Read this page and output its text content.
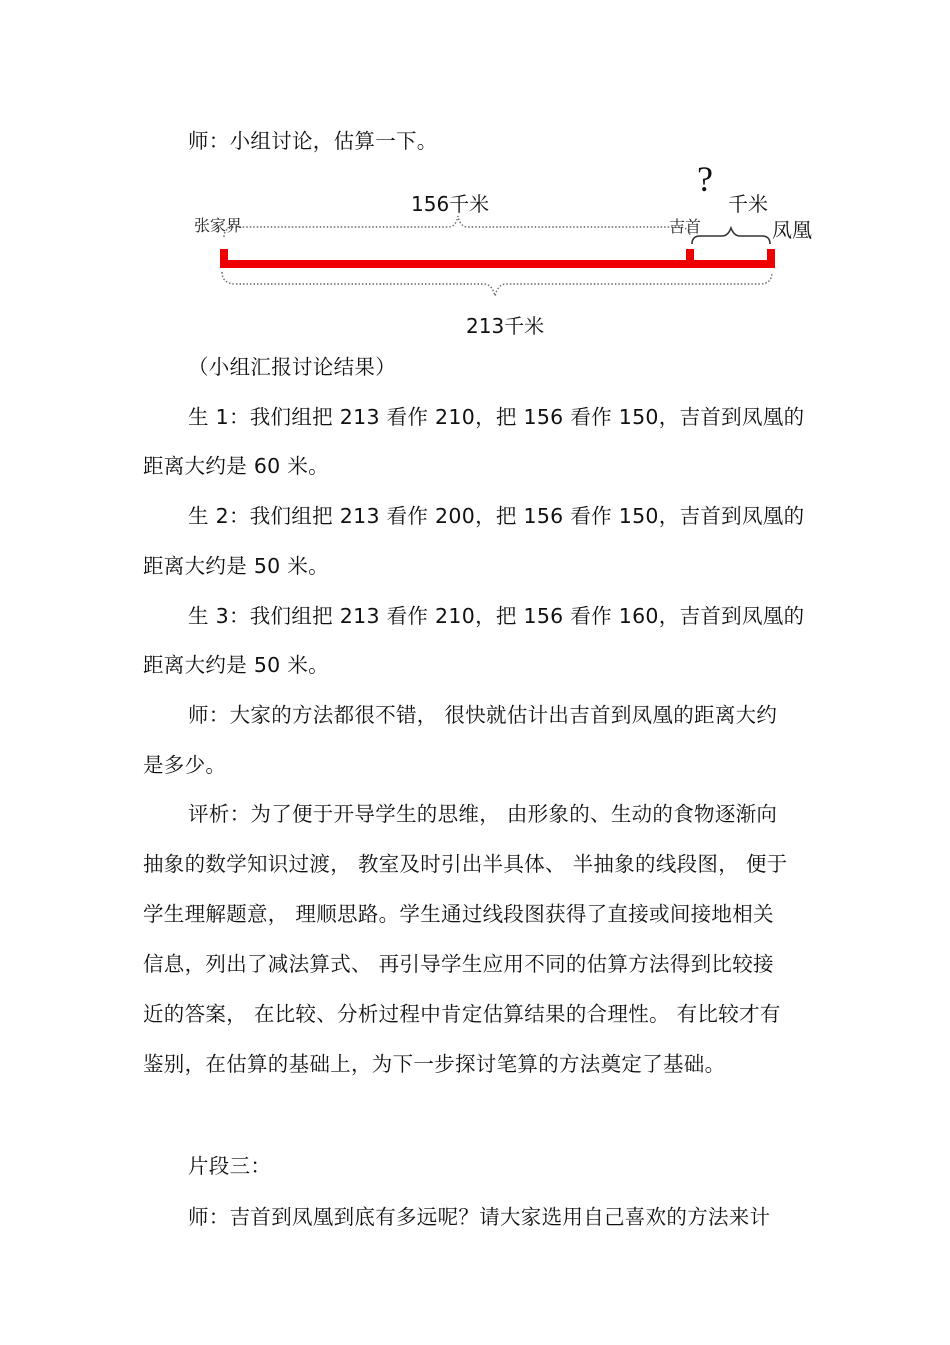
师：小组讨论，估算一下。
张家界
156千米
?
千米
吉首	凤凰
213千米
（小组汇报讨论结果）
生 1：我们组把 213 看作 210，把 156 看作 150，吉首到凤凰的
距离大约是 60 米。
生 2：我们组把 213 看作 200，把 156 看作 150，吉首到凤凰的
距离大约是 50 米。
生 3：我们组把 213 看作 210，把 156 看作 160，吉首到凤凰的
距离大约是 50 米。
师：大家的方法都很不错， 很快就估计出吉首到凤凰的距离大约
是多少。
评析：为了便于开导学生的思维， 由形象的、生动的食物逐渐向
抽象的数学知识过渡， 教室及时引出半具体、 半抽象的线段图， 便于
学生理解题意， 理顺思路。学生通过线段图获得了直接或间接地相关
信息，列出了减法算式、 再引导学生应用不同的估算方法得到比较接
近的答案， 在比较、分析过程中肯定估算结果的合理性。 有比较才有
鉴别，在估算的基础上，为下一步探讨笔算的方法奠定了基础。
片段三：
师：吉首到凤凰到底有多远呢？请大家选用自己喜欢的方法来计
